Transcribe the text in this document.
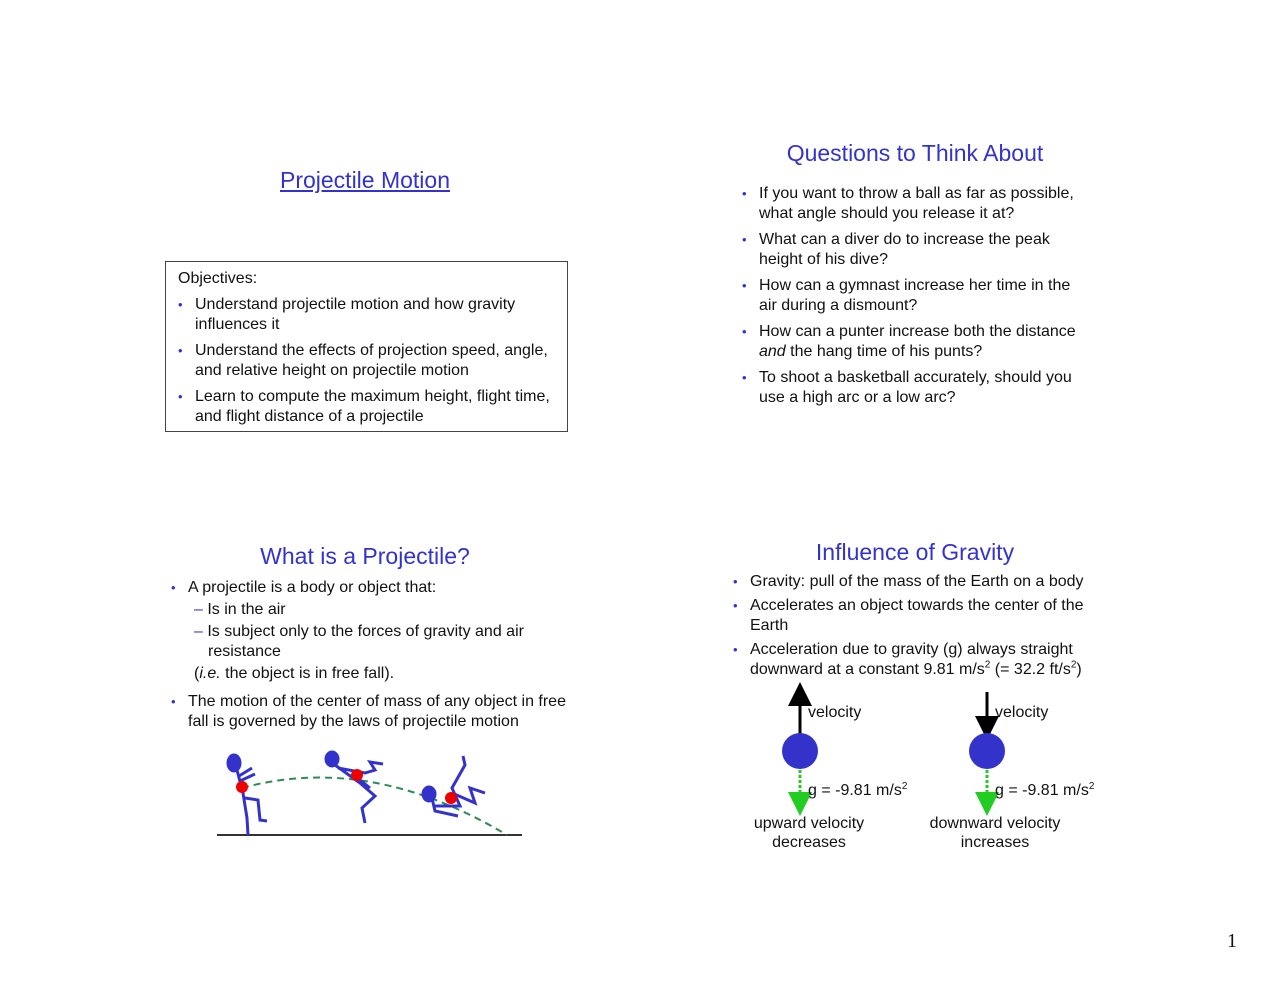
Projectile Motion
Objectives:
• Understand projectile motion and how gravity influences it
• Understand the effects of projection speed, angle, and relative height on projectile motion
• Learn to compute the maximum height, flight time, and flight distance of a projectile
Questions to Think About
• If you want to throw a ball as far as possible, what angle should you release it at?
• What can a diver do to increase the peak height of his dive?
• How can a gymnast increase her time in the air during a dismount?
• How can a punter increase both the distance and the hang time of his punts?
• To shoot a basketball accurately, should you use a high arc or a low arc?
What is a Projectile?
• A projectile is a body or object that:
– Is in the air
– Is subject only to the forces of gravity and air resistance
(i.e. the object is in free fall).
• The motion of the center of mass of any object in free fall is governed by the laws of projectile motion
Influence of Gravity
• Gravity: pull of the mass of the Earth on a body
• Accelerates an object towards the center of the Earth
• Acceleration due to gravity (g) always straight downward at a constant 9.81 $m/s^2$ (= 32.2 $ft/s^2$)
velocity
g = -9.81 $m/s^2$
upward velocity
decreases
velocity
g = -9.81 $m/s^2$
downward velocity
increases
1
